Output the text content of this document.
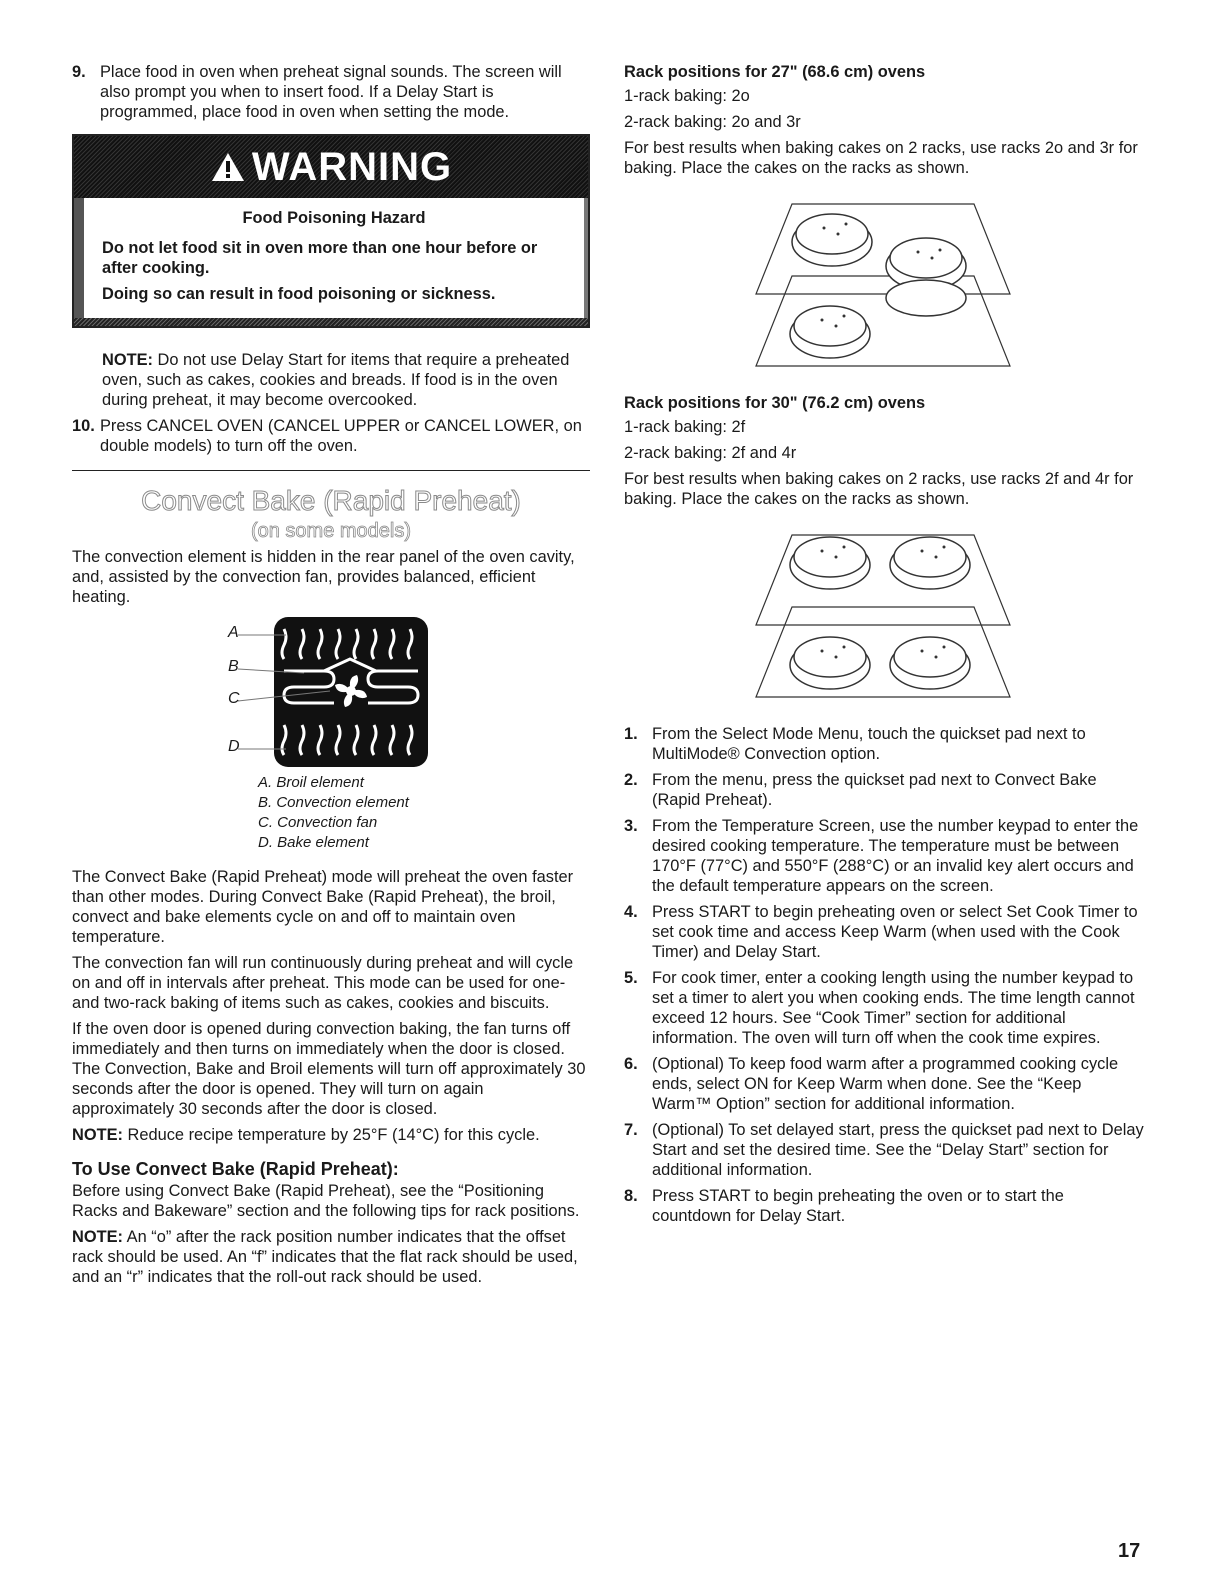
9. Place food in oven when preheat signal sounds. The screen will also prompt you when to insert food. If a Delay Start is programmed, place food in oven when setting the mode.
WARNING
Food Poisoning Hazard

Do not let food sit in oven more than one hour before or after cooking.

Doing so can result in food poisoning or sickness.

NOTE: Do not use Delay Start for items that require a preheated oven, such as cakes, cookies and breads. If food is in the oven during preheat, it may become overcooked.

10. Press CANCEL OVEN (CANCEL UPPER or CANCEL LOWER, on double models) to turn off the oven.
Convect Bake (Rapid Preheat)
(on some models)

The convection element is hidden in the rear panel of the oven cavity, and, assisted by the convection fan, provides balanced, efficient heating.

A
B
C
D
A. Broil element
B. Convection element
C. Convection fan
D. Bake element

The Convect Bake (Rapid Preheat) mode will preheat the oven faster than other modes. During Convect Bake (Rapid Preheat), the broil, convect and bake elements cycle on and off to maintain oven temperature.

The convection fan will run continuously during preheat and will cycle on and off in intervals after preheat. This mode can be used for one- and two-rack baking of items such as cakes, cookies and biscuits.

If the oven door is opened during convection baking, the fan turns off immediately and then turns on immediately when the door is closed. The Convection, Bake and Broil elements will turn off approximately 30 seconds after the door is opened. They will turn on again approximately 30 seconds after the door is closed.

NOTE: Reduce recipe temperature by 25°F (14°C) for this cycle.

To Use Convect Bake (Rapid Preheat):

Before using Convect Bake (Rapid Preheat), see the “Positioning Racks and Bakeware” section and the following tips for rack positions.

NOTE: An “o” after the rack position number indicates that the offset rack should be used. An “f” indicates that the flat rack should be used, and an “r” indicates that the roll-out rack should be used.

Rack positions for 27" (68.6 cm) ovens

1-rack baking: 2o

2-rack baking: 2o and 3r

For best results when baking cakes on 2 racks, use racks 2o and 3r for baking. Place the cakes on the racks as shown.

Rack positions for 30" (76.2 cm) ovens

1-rack baking: 2f

2-rack baking: 2f and 4r

For best results when baking cakes on 2 racks, use racks 2f and 4r for baking. Place the cakes on the racks as shown.

1. From the Select Mode Menu, touch the quickset pad next to MultiMode® Convection option.
2. From the menu, press the quickset pad next to Convect Bake (Rapid Preheat).
3. From the Temperature Screen, use the number keypad to enter the desired cooking temperature. The temperature must be between 170°F (77°C) and 550°F (288°C) or an invalid key alert occurs and the default temperature appears on the screen.
4. Press START to begin preheating oven or select Set Cook Timer to set cook time and access Keep Warm (when used with the Cook Timer) and Delay Start.
5. For cook timer, enter a cooking length using the number keypad to set a timer to alert you when cooking ends. The time length cannot exceed 12 hours. See “Cook Timer” section for additional information. The oven will turn off when the cook time expires.
6. (Optional) To keep food warm after a programmed cooking cycle ends, select ON for Keep Warm when done. See the “Keep Warm™ Option” section for additional information.
7. (Optional) To set delayed start, press the quickset pad next to Delay Start and set the desired time. See the “Delay Start” section for additional information.
8. Press START to begin preheating the oven or to start the countdown for Delay Start.
17
